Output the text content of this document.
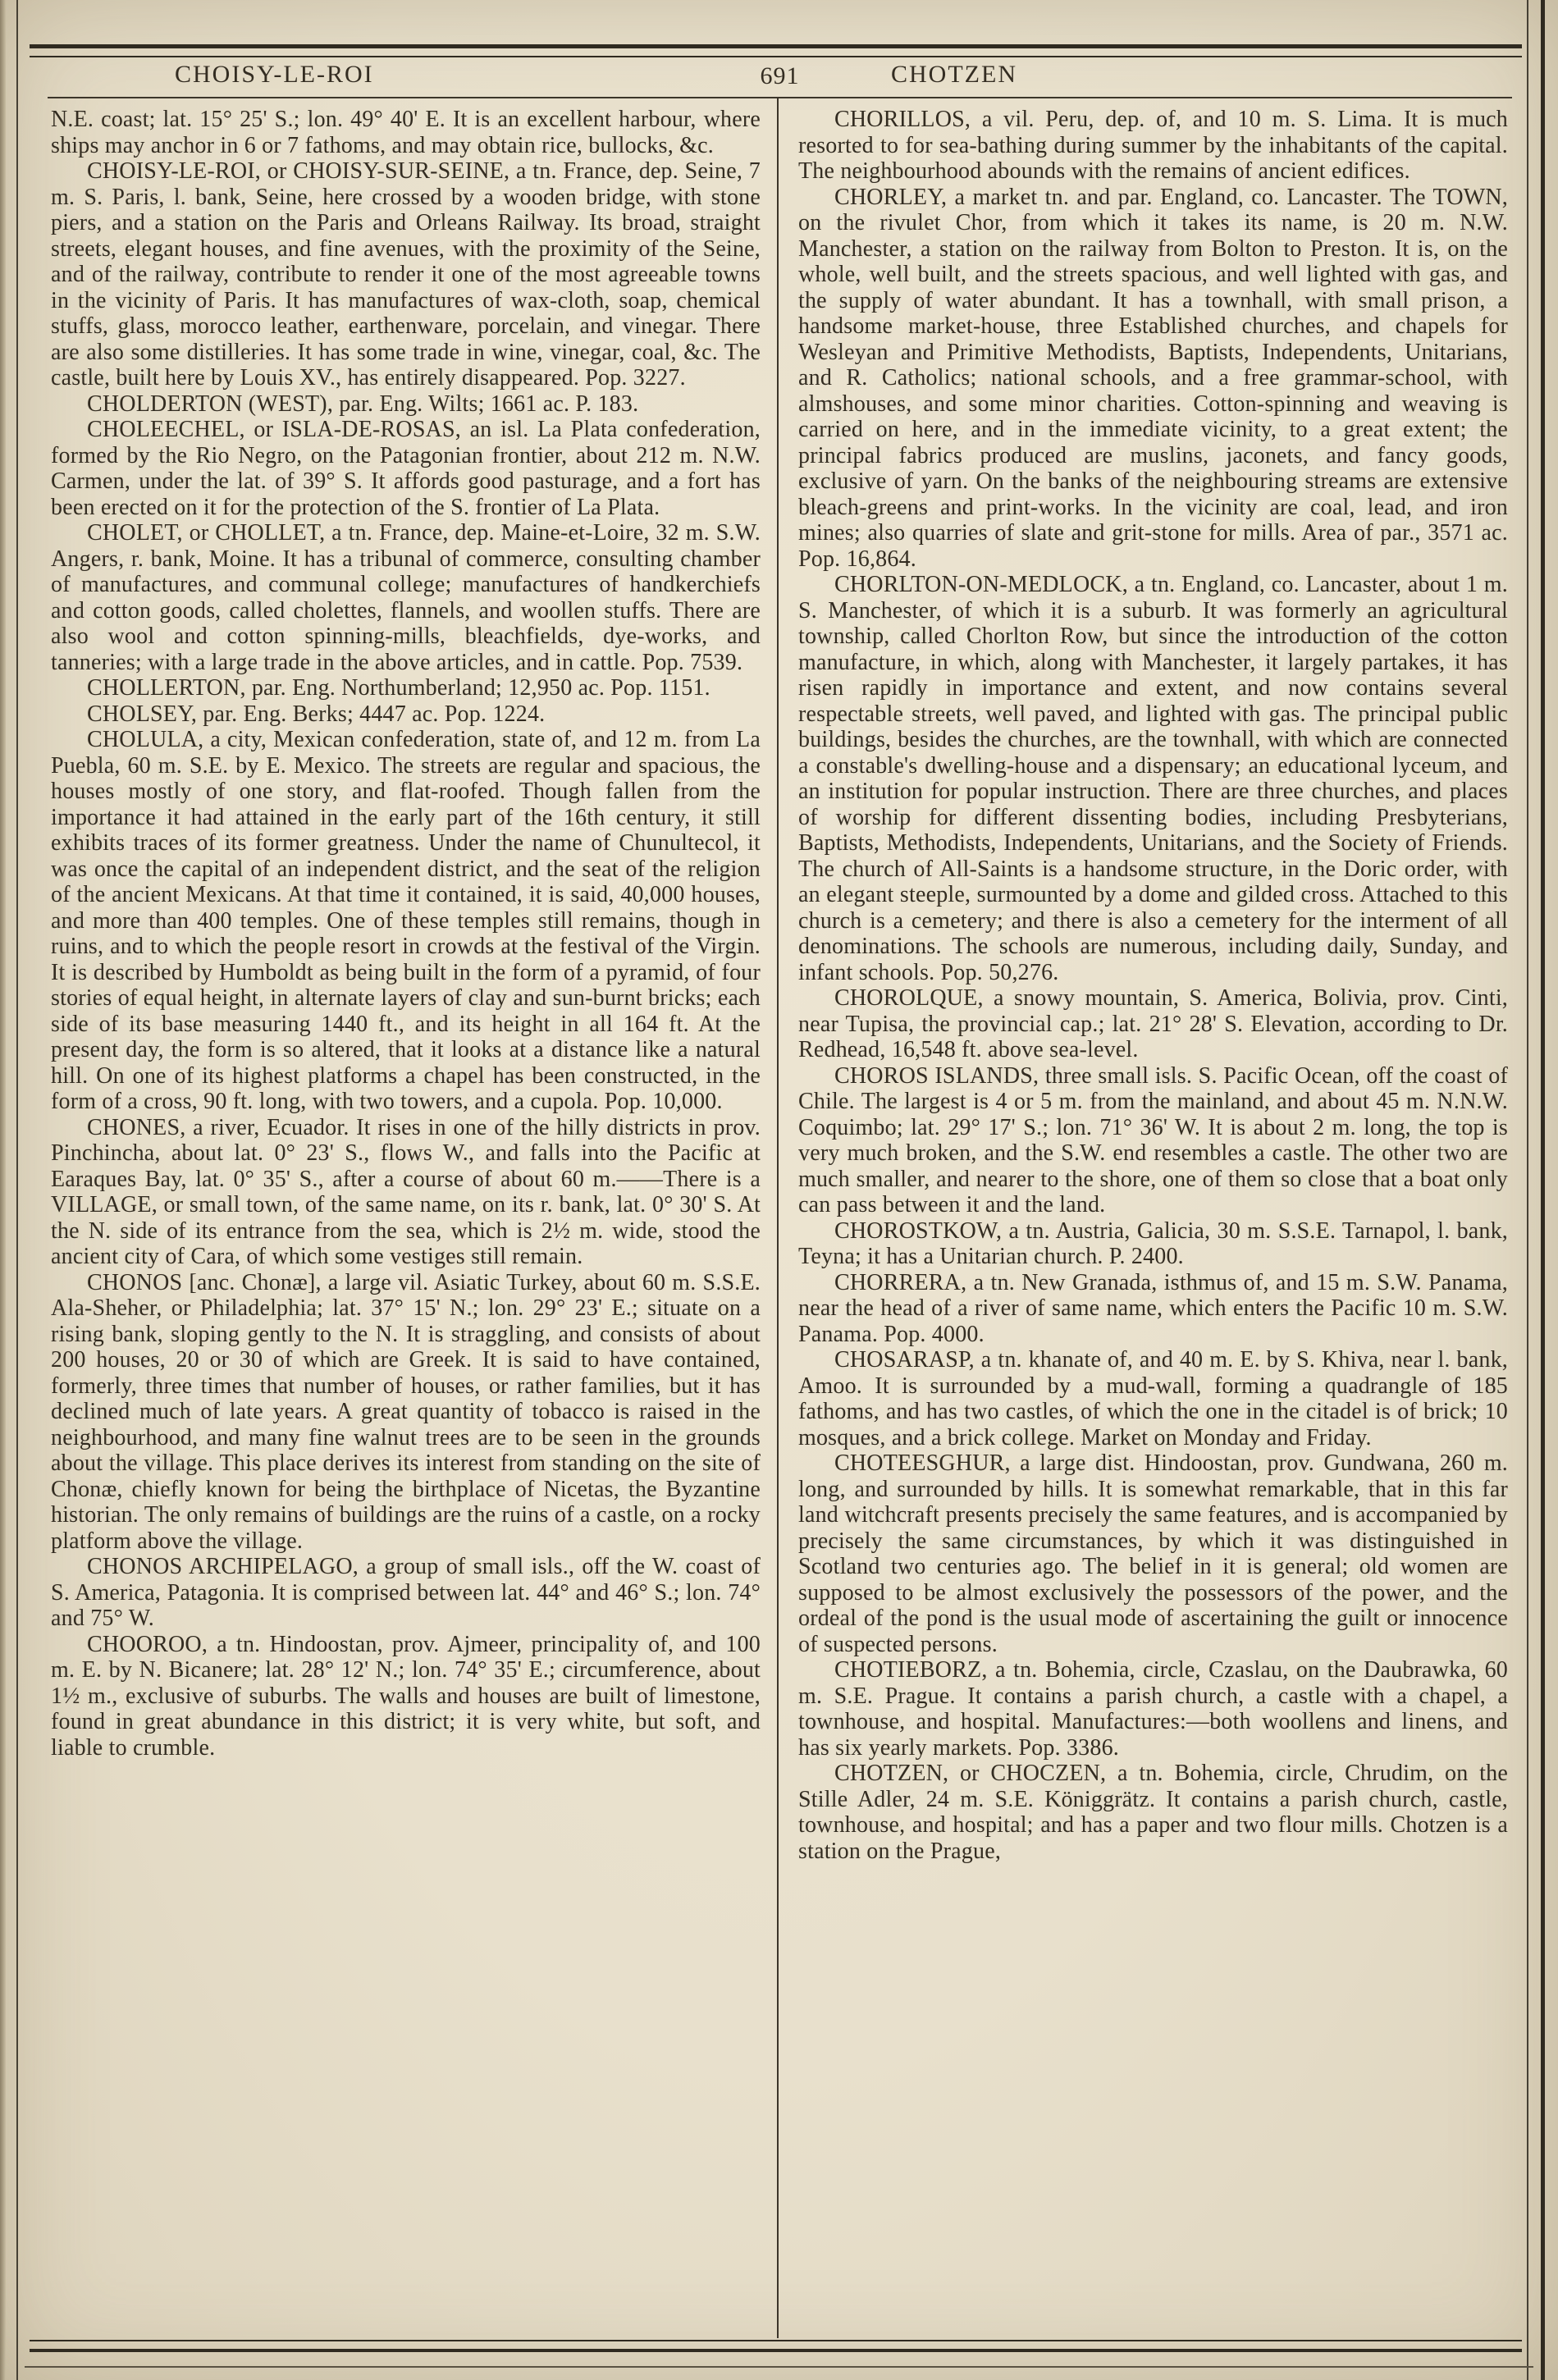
CHOISY-LE-ROI	691	CHOTZEN

N.E. coast; lat. 15° 25' S.; lon. 49° 40' E. It is an excellent harbour, where ships may anchor in 6 or 7 fathoms, and may obtain rice, bullocks, &c.

CHOISY-LE-ROI, or CHOISY-SUR-SEINE, a tn. France, dep. Seine, 7 m. S. Paris, l. bank, Seine, here crossed by a wooden bridge, with stone piers, and a station on the Paris and Orleans Railway. Its broad, straight streets, elegant houses, and fine avenues, with the proximity of the Seine, and of the railway, contribute to render it one of the most agreeable towns in the vicinity of Paris. It has manufactures of wax-cloth, soap, chemical stuffs, glass, morocco leather, earthenware, porcelain, and vinegar. There are also some distilleries. It has some trade in wine, vinegar, coal, &c. The castle, built here by Louis XV., has entirely disappeared. Pop. 3227.

CHOLDERTON (WEST), par. Eng. Wilts; 1661 ac. P. 183.

CHOLEECHEL, or ISLA-DE-ROSAS, an isl. La Plata confederation, formed by the Rio Negro, on the Patagonian frontier, about 212 m. N.W. Carmen, under the lat. of 39° S. It affords good pasturage, and a fort has been erected on it for the protection of the S. frontier of La Plata.

CHOLET, or CHOLLET, a tn. France, dep. Maine-et-Loire, 32 m. S.W. Angers, r. bank, Moine. It has a tribunal of commerce, consulting chamber of manufactures, and communal college; manufactures of handkerchiefs and cotton goods, called cholettes, flannels, and woollen stuffs. There are also wool and cotton spinning-mills, bleachfields, dye-works, and tanneries; with a large trade in the above articles, and in cattle. Pop. 7539.

CHOLLERTON, par. Eng. Northumberland; 12,950 ac. Pop. 1151.

CHOLSEY, par. Eng. Berks; 4447 ac. Pop. 1224.

CHOLULA, a city, Mexican confederation, state of, and 12 m. from La Puebla, 60 m. S.E. by E. Mexico. The streets are regular and spacious, the houses mostly of one story, and flat-roofed. Though fallen from the importance it had attained in the early part of the 16th century, it still exhibits traces of its former greatness. Under the name of Chunultecol, it was once the capital of an independent district, and the seat of the religion of the ancient Mexicans. At that time it contained, it is said, 40,000 houses, and more than 400 temples. One of these temples still remains, though in ruins, and to which the people resort in crowds at the festival of the Virgin. It is described by Humboldt as being built in the form of a pyramid, of four stories of equal height, in alternate layers of clay and sun-burnt bricks; each side of its base measuring 1440 ft., and its height in all 164 ft. At the present day, the form is so altered, that it looks at a distance like a natural hill. On one of its highest platforms a chapel has been constructed, in the form of a cross, 90 ft. long, with two towers, and a cupola. Pop. 10,000.

CHONES, a river, Ecuador. It rises in one of the hilly districts in prov. Pinchincha, about lat. 0° 23' S., flows W., and falls into the Pacific at Earaques Bay, lat. 0° 35' S., after a course of about 60 m.——There is a VILLAGE, or small town, of the same name, on its r. bank, lat. 0° 30' S. At the N. side of its entrance from the sea, which is 2½ m. wide, stood the ancient city of Cara, of which some vestiges still remain.

CHONOS [anc. Chonæ], a large vil. Asiatic Turkey, about 60 m. S.S.E. Ala-Sheher, or Philadelphia; lat. 37° 15' N.; lon. 29° 23' E.; situate on a rising bank, sloping gently to the N. It is straggling, and consists of about 200 houses, 20 or 30 of which are Greek. It is said to have contained, formerly, three times that number of houses, or rather families, but it has declined much of late years. A great quantity of tobacco is raised in the neighbourhood, and many fine walnut trees are to be seen in the grounds about the village. This place derives its interest from standing on the site of Chonæ, chiefly known for being the birthplace of Nicetas, the Byzantine historian. The only remains of buildings are the ruins of a castle, on a rocky platform above the village.

CHONOS ARCHIPELAGO, a group of small isls., off the W. coast of S. America, Patagonia. It is comprised between lat. 44° and 46° S.; lon. 74° and 75° W.

CHOOROO, a tn. Hindoostan, prov. Ajmeer, principality of, and 100 m. E. by N. Bicanere; lat. 28° 12' N.; lon. 74° 35' E.; circumference, about 1½ m., exclusive of suburbs. The walls and houses are built of limestone, found in great abundance in this district; it is very white, but soft, and liable to crumble.

CHORILLOS, a vil. Peru, dep. of, and 10 m. S. Lima. It is much resorted to for sea-bathing during summer by the inhabitants of the capital. The neighbourhood abounds with the remains of ancient edifices.

CHORLEY, a market tn. and par. England, co. Lancaster. The TOWN, on the rivulet Chor, from which it takes its name, is 20 m. N.W. Manchester, a station on the railway from Bolton to Preston. It is, on the whole, well built, and the streets spacious, and well lighted with gas, and the supply of water abundant. It has a townhall, with small prison, a handsome market-house, three Established churches, and chapels for Wesleyan and Primitive Methodists, Baptists, Independents, Unitarians, and R. Catholics; national schools, and a free grammar-school, with almshouses, and some minor charities. Cotton-spinning and weaving is carried on here, and in the immediate vicinity, to a great extent; the principal fabrics produced are muslins, jaconets, and fancy goods, exclusive of yarn. On the banks of the neighbouring streams are extensive bleach-greens and print-works. In the vicinity are coal, lead, and iron mines; also quarries of slate and grit-stone for mills. Area of par., 3571 ac. Pop. 16,864.

CHORLTON-ON-MEDLOCK, a tn. England, co. Lancaster, about 1 m. S. Manchester, of which it is a suburb. It was formerly an agricultural township, called Chorlton Row, but since the introduction of the cotton manufacture, in which, along with Manchester, it largely partakes, it has risen rapidly in importance and extent, and now contains several respectable streets, well paved, and lighted with gas. The principal public buildings, besides the churches, are the townhall, with which are connected a constable's dwelling-house and a dispensary; an educational lyceum, and an institution for popular instruction. There are three churches, and places of worship for different dissenting bodies, including Presbyterians, Baptists, Methodists, Independents, Unitarians, and the Society of Friends. The church of All-Saints is a handsome structure, in the Doric order, with an elegant steeple, surmounted by a dome and gilded cross. Attached to this church is a cemetery; and there is also a cemetery for the interment of all denominations. The schools are numerous, including daily, Sunday, and infant schools. Pop. 50,276.

CHOROLQUE, a snowy mountain, S. America, Bolivia, prov. Cinti, near Tupisa, the provincial cap.; lat. 21° 28' S. Elevation, according to Dr. Redhead, 16,548 ft. above sea-level.

CHOROS ISLANDS, three small isls. S. Pacific Ocean, off the coast of Chile. The largest is 4 or 5 m. from the mainland, and about 45 m. N.N.W. Coquimbo; lat. 29° 17' S.; lon. 71° 36' W. It is about 2 m. long, the top is very much broken, and the S.W. end resembles a castle. The other two are much smaller, and nearer to the shore, one of them so close that a boat only can pass between it and the land.

CHOROSTKOW, a tn. Austria, Galicia, 30 m. S.S.E. Tarnapol, l. bank, Teyna; it has a Unitarian church. P. 2400.

CHORRERA, a tn. New Granada, isthmus of, and 15 m. S.W. Panama, near the head of a river of same name, which enters the Pacific 10 m. S.W. Panama. Pop. 4000.

CHOSARASP, a tn. khanate of, and 40 m. E. by S. Khiva, near l. bank, Amoo. It is surrounded by a mud-wall, forming a quadrangle of 185 fathoms, and has two castles, of which the one in the citadel is of brick; 10 mosques, and a brick college. Market on Monday and Friday.

CHOTEESGHUR, a large dist. Hindoostan, prov. Gundwana, 260 m. long, and surrounded by hills. It is somewhat remarkable, that in this far land witchcraft presents precisely the same features, and is accompanied by precisely the same circumstances, by which it was distinguished in Scotland two centuries ago. The belief in it is general; old women are supposed to be almost exclusively the possessors of the power, and the ordeal of the pond is the usual mode of ascertaining the guilt or innocence of suspected persons.

CHOTIEBORZ, a tn. Bohemia, circle, Czaslau, on the Daubrawka, 60 m. S.E. Prague. It contains a parish church, a castle with a chapel, a townhouse, and hospital. Manufactures:—both woollens and linens, and has six yearly markets. Pop. 3386.

CHOTZEN, or CHOCZEN, a tn. Bohemia, circle, Chrudim, on the Stille Adler, 24 m. S.E. Königgrätz. It contains a parish church, castle, townhouse, and hospital; and has a paper and two flour mills. Chotzen is a station on the Prague,
